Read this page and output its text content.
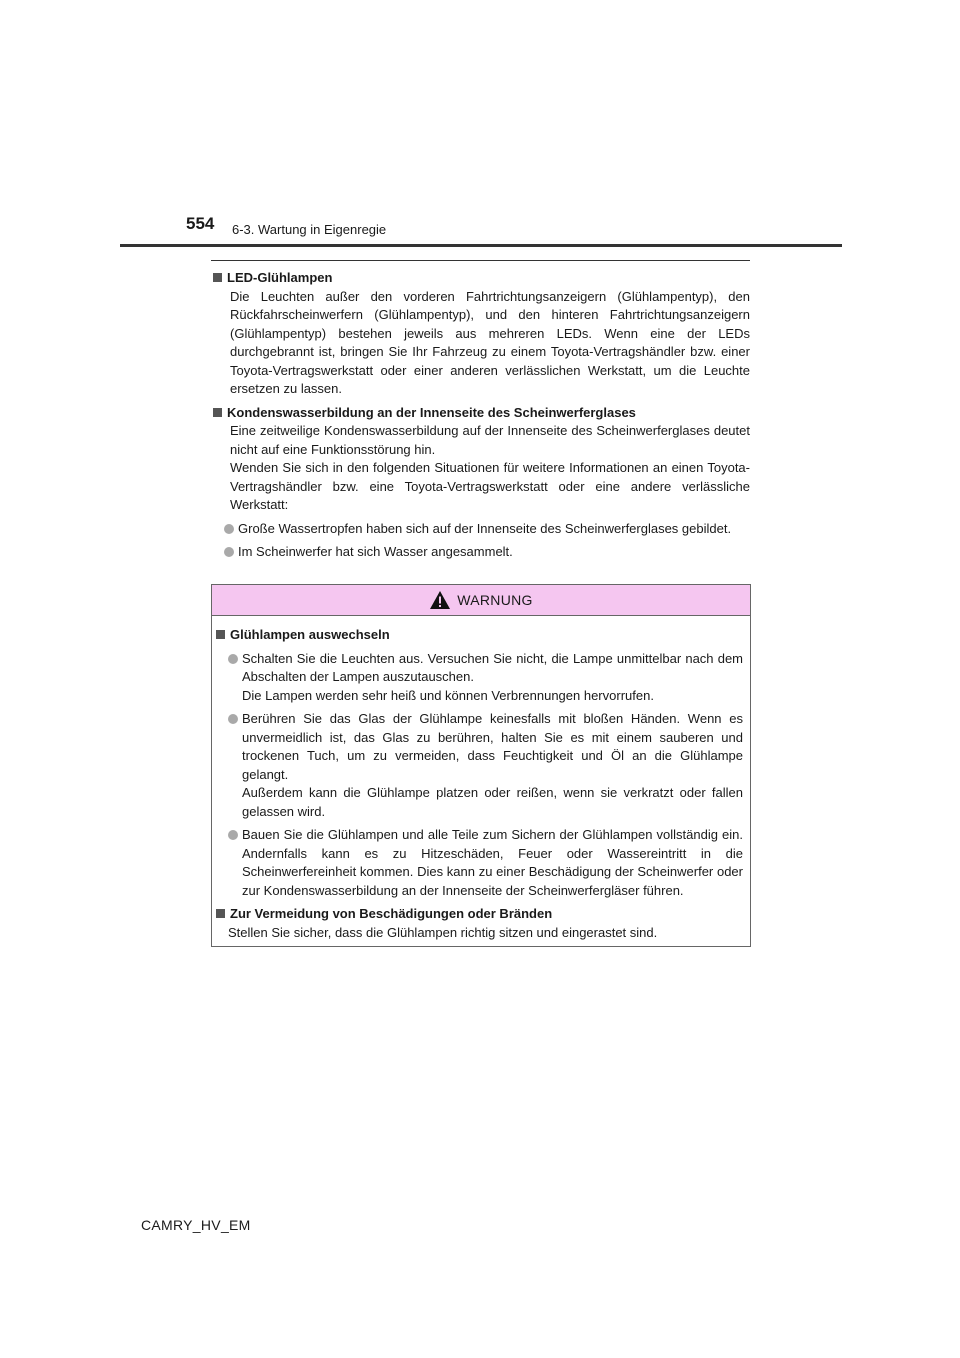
554 6-3. Wartung in Eigenregie
LED-Glühlampen
Die Leuchten außer den vorderen Fahrtrichtungsanzeigern (Glühlampentyp), den Rückfahrscheinwerfern (Glühlampentyp), und den hinteren Fahrtrichtungsanzeigern (Glühlampentyp) bestehen jeweils aus mehreren LEDs. Wenn eine der LEDs durchgebrannt ist, bringen Sie Ihr Fahrzeug zu einem Toyota-Vertragshändler bzw. einer Toyota-Vertragswerkstatt oder einer anderen verlässlichen Werkstatt, um die Leuchte ersetzen zu lassen.
Kondenswasserbildung an der Innenseite des Scheinwerferglases
Eine zeitweilige Kondenswasserbildung auf der Innenseite des Scheinwerferglases deutet nicht auf eine Funktionsstörung hin.
Wenden Sie sich in den folgenden Situationen für weitere Informationen an einen Toyota-Vertragshändler bzw. eine Toyota-Vertragswerkstatt oder eine andere verlässliche Werkstatt:
Große Wassertropfen haben sich auf der Innenseite des Scheinwerferglases gebildet.
Im Scheinwerfer hat sich Wasser angesammelt.
WARNUNG
Glühlampen auswechseln
Schalten Sie die Leuchten aus. Versuchen Sie nicht, die Lampe unmittelbar nach dem Abschalten der Lampen auszutauschen.
Die Lampen werden sehr heiß und können Verbrennungen hervorrufen.
Berühren Sie das Glas der Glühlampe keinesfalls mit bloßen Händen. Wenn es unvermeidlich ist, das Glas zu berühren, halten Sie es mit einem sauberen und trockenen Tuch, um zu vermeiden, dass Feuchtigkeit und Öl an die Glühlampe gelangt.
Außerdem kann die Glühlampe platzen oder reißen, wenn sie verkratzt oder fallen gelassen wird.
Bauen Sie die Glühlampen und alle Teile zum Sichern der Glühlampen vollständig ein. Andernfalls kann es zu Hitzeschäden, Feuer oder Wassereintritt in die Scheinwerfereinheit kommen. Dies kann zu einer Beschädigung der Scheinwerfer oder zur Kondenswasserbildung an der Innenseite der Scheinwerfergläser führen.
Zur Vermeidung von Beschädigungen oder Bränden
Stellen Sie sicher, dass die Glühlampen richtig sitzen und eingerastet sind.
CAMRY_HV_EM
